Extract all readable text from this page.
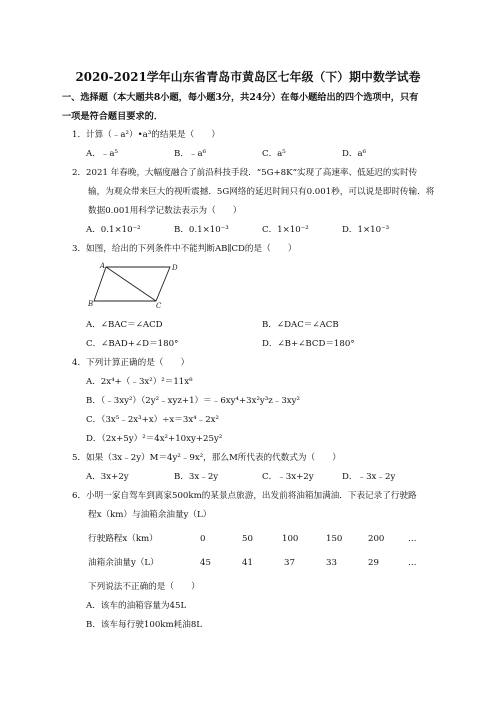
2020-2021学年山东省青岛市黄岛区七年级（下）期中数学试卷
一、选择题（本大题共8小题，每小题3分，共24分）在每小题给出的四个选项中，只有
一项是符合题目要求的．
1．计算（﹣a²）•a³的结果是（　　）
A．﹣a⁵	B．﹣a⁶	C．a⁵	D．a⁶
2．2021 年春晚，大幅度融合了前沿科技手段．“5G+8K”实现了高速率、低延迟的实时传
输，为观众带来巨大的视听震撼．5G网络的延迟时间只有0.001秒，可以说是即时传输．将
数据0.001用科学记数法表示为（　　）
A．0.1×10⁻²	B．0.1×10⁻³	C．1×10⁻²	D．1×10⁻³
3．如图，给出的下列条件中不能判断AB∥CD的是（　　）
A	D
B	C
A．∠BAC＝∠ACD	B．∠DAC＝∠ACB
C．∠BAD+∠D＝180°	D．∠B+∠BCD＝180°
4．下列计算正确的是（　　）
A．2x⁴+（﹣3x²）²＝11x⁸
B．（﹣3xy²）（2y²﹣xyz+1）＝﹣6xy⁴+3x²y³z﹣3xy²
C．（3x⁵﹣2x³+x）÷x＝3x⁴﹣2x²
D．（2x+5y）²＝4x²+10xy+25y²
5．如果（3x﹣2y）M＝4y²﹣9x²，那么M所代表的代数式为（　　）
A．3x+2y	B．3x﹣2y	C．﹣3x+2y	D．﹣3x﹣2y
6．小明一家自驾车到离家500km的某景点旅游，出发前将油箱加满油．下表记录了行驶路
程x（km）与油箱余油量y（L）
行驶路程x（km）	0	50	100	150	200	…
油箱余油量y（L）	45	41	37	33	29	…
下列说法不正确的是（　　）
A．该车的油箱容量为45L
B．该车每行驶100km耗油8L
